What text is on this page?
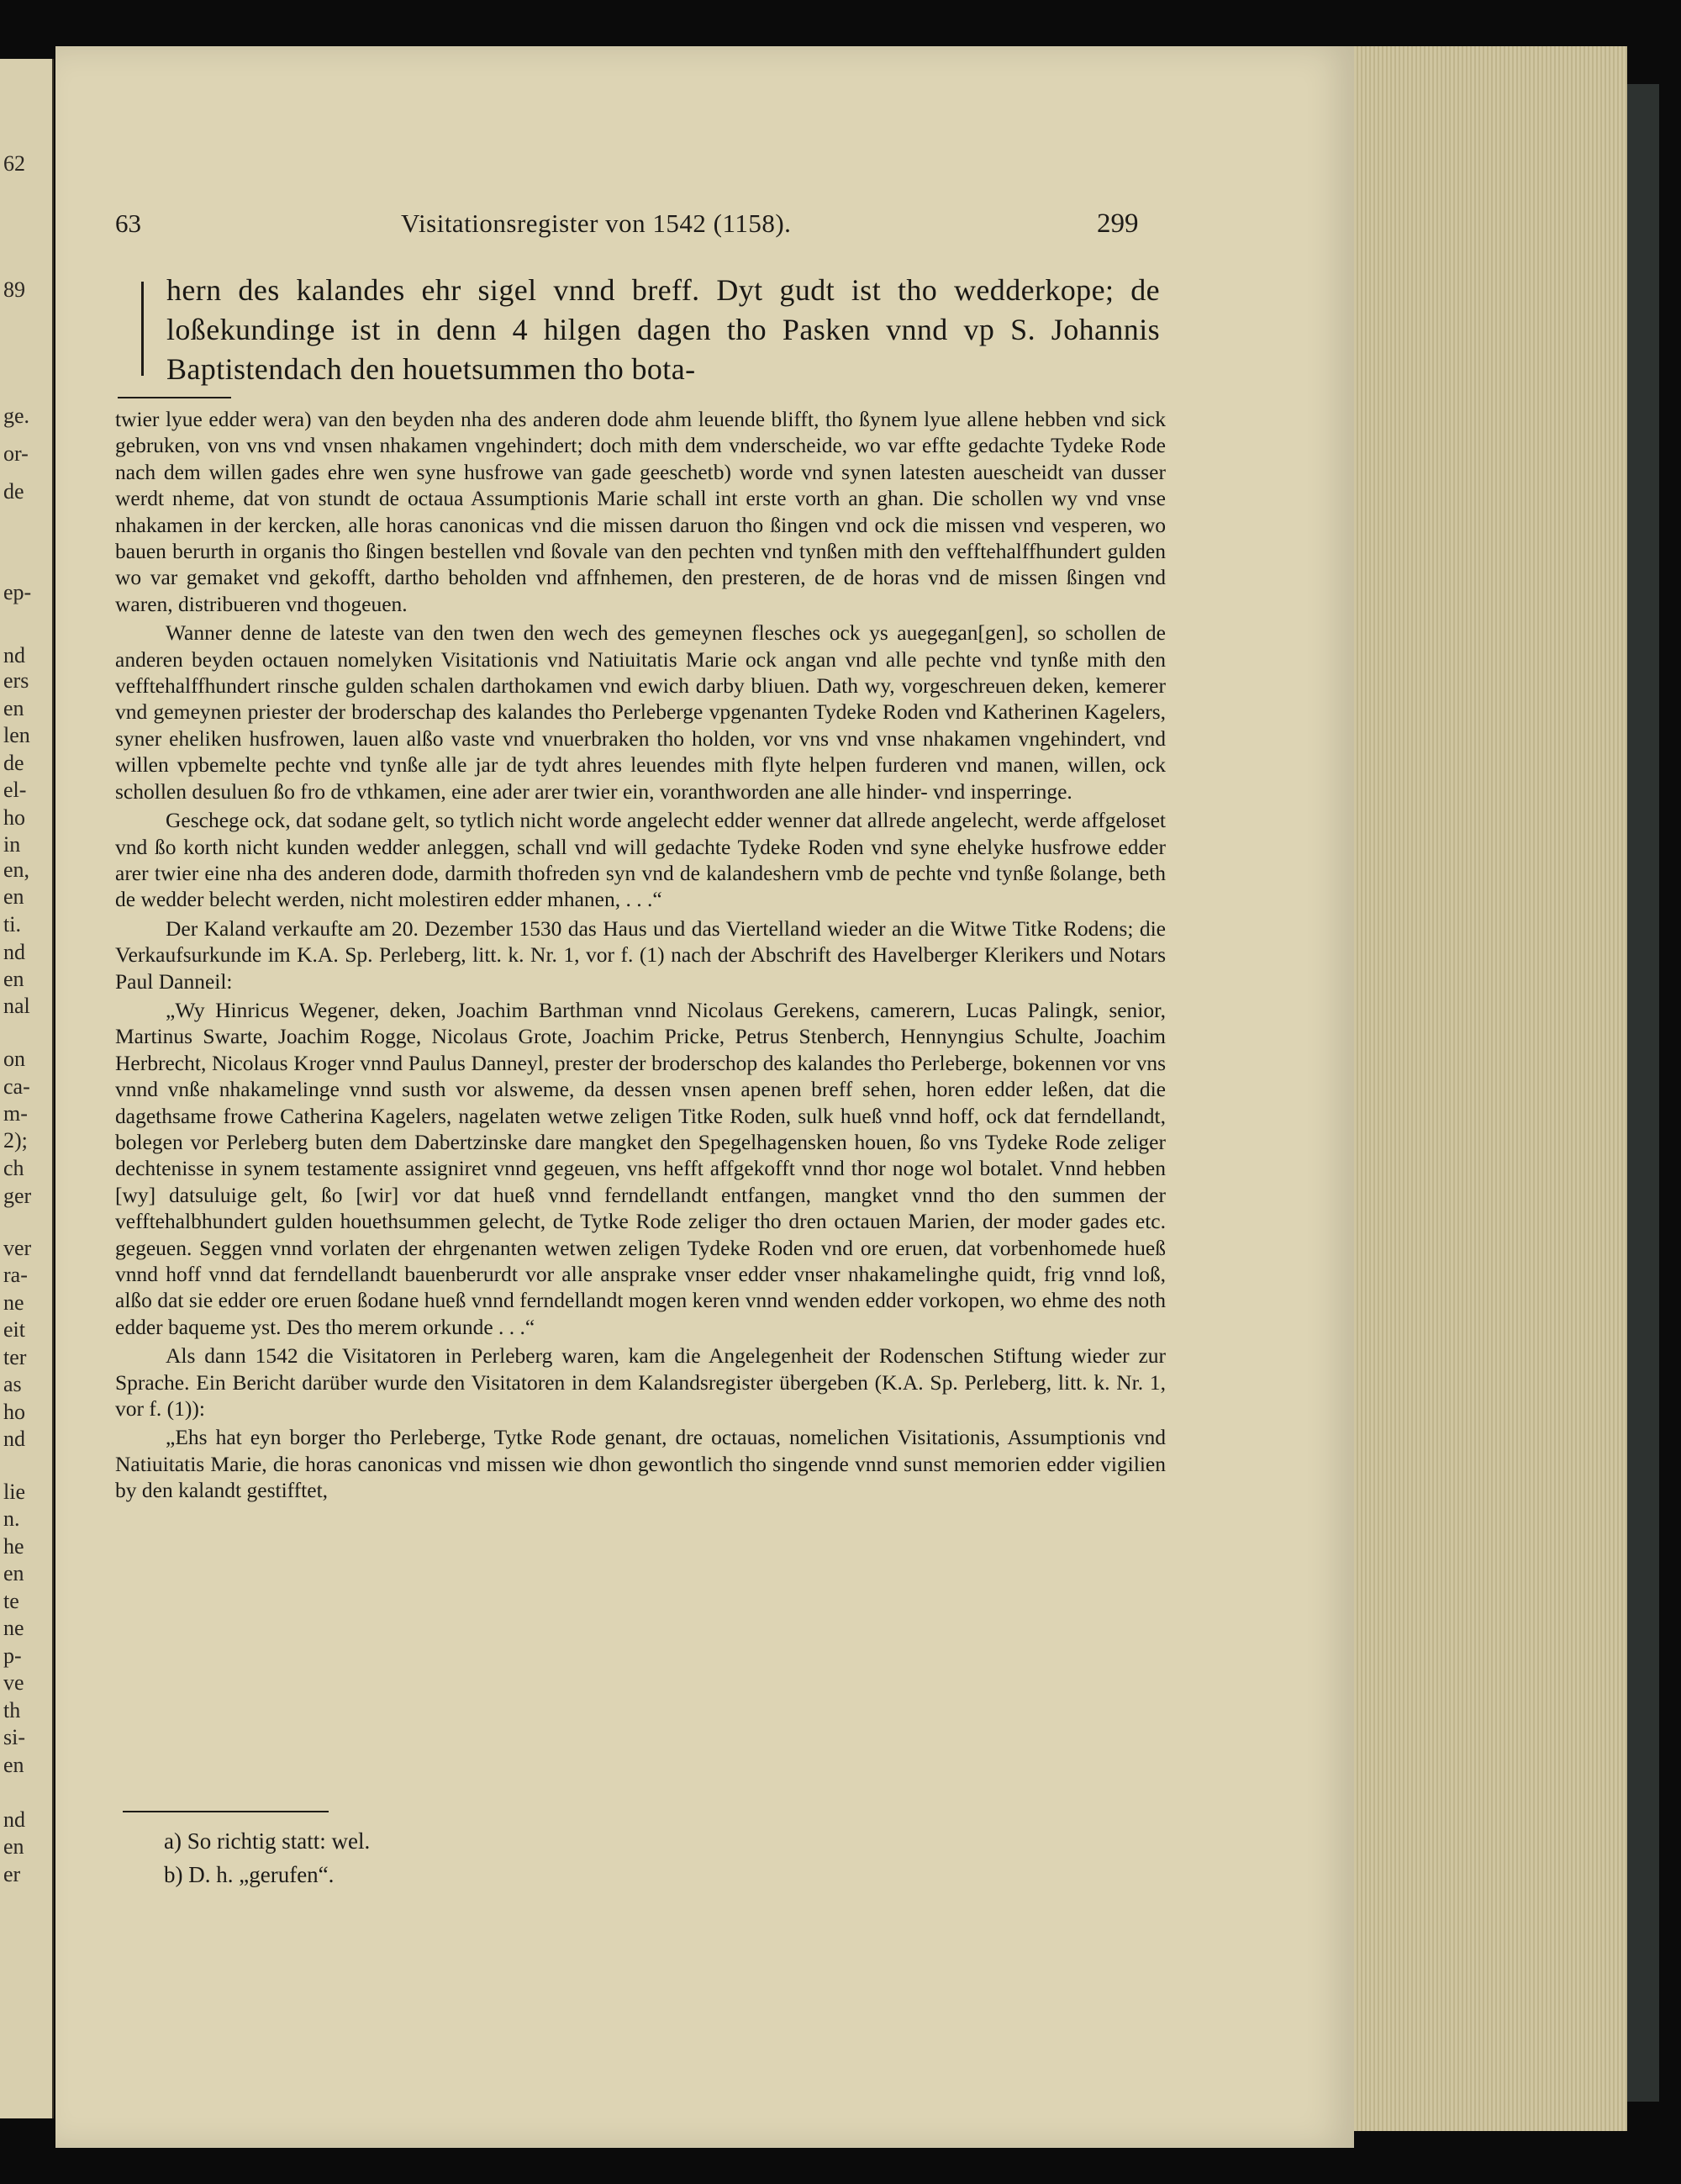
62
89
ge.
or-
de
ep-
nd
ers
en
len
de
el-
ho
in
en,
en
ti.
nd
en
nal
on
ca-
m-
2);
ch
ger
ver
ra-
ne
eit
ter
as
ho
nd
lie
n.
he
en
te
ne
p-
ve
th
si-
en
nd
en
er
63	Visitationsregister von 1542 (1158).	299
hern des kalandes ehr sigel vnnd breff. Dyt gudt ist tho wedderkope; de loßekundinge ist in denn 4 hilgen dagen tho Pasken vnnd vp S. Johannis Baptistendach den houetsummen tho bota-

twier lyue edder wera) van den beyden nha des anderen dode ahm leuende blifft, tho ßynem lyue allene hebben vnd sick gebruken, von vns vnd vnsen nhakamen vngehindert; doch mith dem vnderscheide, wo var effte gedachte Tydeke Rode nach dem willen gades ehre wen syne husfrowe van gade geeschetb) worde vnd synen latesten auescheidt van dusser werdt nheme, dat von stundt de octaua Assumptionis Marie schall int erste vorth an ghan. Die schollen wy vnd vnse nhakamen in der kercken, alle horas canonicas vnd die missen daruon tho ßingen vnd ock die missen vnd vesperen, wo bauen berurth in organis tho ßingen bestellen vnd ßovale van den pechten vnd tynßen mith den vefftehalffhundert gulden wo var gemaket vnd gekofft, dartho beholden vnd affnhemen, den presteren, de de horas vnd de missen ßingen vnd waren, distribueren vnd thogeuen.

Wanner denne de lateste van den twen den wech des gemeynen flesches ock ys auegegan[gen], so schollen de anderen beyden octauen nomelyken Visitationis vnd Natiuitatis Marie ock angan vnd alle pechte vnd tynße mith den vefftehalffhundert rinsche gulden schalen darthokamen vnd ewich darby bliuen. Dath wy, vorgeschreuen deken, kemerer vnd gemeynen priester der broderschap des kalandes tho Perleberge vpgenanten Tydeke Roden vnd Katherinen Kagelers, syner eheliken husfrowen, lauen alßo vaste vnd vnuerbraken tho holden, vor vns vnd vnse nhakamen vngehindert, vnd willen vpbemelte pechte vnd tynße alle jar de tydt ahres leuendes mith flyte helpen furderen vnd manen, willen, ock schollen desuluen ßo fro de vthkamen, eine ader arer twier ein, voranthworden ane alle hinder- vnd insperringe.

Geschege ock, dat sodane gelt, so tytlich nicht worde angelecht edder wenner dat allrede angelecht, werde affgeloset vnd ßo korth nicht kunden wedder anleggen, schall vnd will gedachte Tydeke Roden vnd syne ehelyke husfrowe edder arer twier eine nha des anderen dode, darmith thofreden syn vnd de kalandeshern vmb de pechte vnd tynße ßolange, beth de wedder belecht werden, nicht molestiren edder mhanen, . . .“

Der Kaland verkaufte am 20. Dezember 1530 das Haus und das Viertelland wieder an die Witwe Titke Rodens; die Verkaufsurkunde im K.A. Sp. Perleberg, litt. k. Nr. 1, vor f. (1) nach der Abschrift des Havelberger Klerikers und Notars Paul Danneil:

„Wy Hinricus Wegener, deken, Joachim Barthman vnnd Nicolaus Gerekens, camerern, Lucas Palingk, senior, Martinus Swarte, Joachim Rogge, Nicolaus Grote, Joachim Pricke, Petrus Stenberch, Hennyngius Schulte, Joachim Herbrecht, Nicolaus Kroger vnnd Paulus Danneyl, prester der broderschop des kalandes tho Perleberge, bokennen vor vns vnnd vnße nhakamelinge vnnd susth vor alsweme, da dessen vnsen apenen breff sehen, horen edder leßen, dat die dagethsame frowe Catherina Kagelers, nagelaten wetwe zeligen Titke Roden, sulk hueß vnnd hoff, ock dat ferndellandt, bolegen vor Perleberg buten dem Dabertzinske dare mangket den Spegelhagensken houen, ßo vns Tydeke Rode zeliger dechtenisse in synem testamente assigniret vnnd gegeuen, vns hefft affgekofft vnnd thor noge wol botalet. Vnnd hebben [wy] datsuluige gelt, ßo [wir] vor dat hueß vnnd ferndellandt entfangen, mangket vnnd tho den summen der vefftehalbhundert gulden houethsummen gelecht, de Tytke Rode zeliger tho dren octauen Marien, der moder gades etc. gegeuen. Seggen vnnd vorlaten der ehrgenanten wetwen zeligen Tydeke Roden vnd ore eruen, dat vorbenhomede hueß vnnd hoff vnnd dat ferndellandt bauenberurdt vor alle ansprake vnser edder vnser nhakamelinghe quidt, frig vnnd loß, alßo dat sie edder ore eruen ßodane hueß vnnd ferndellandt mogen keren vnnd wenden edder vorkopen, wo ehme des noth edder baqueme yst. Des tho merem orkunde . . .“

Als dann 1542 die Visitatoren in Perleberg waren, kam die Angelegenheit der Rodenschen Stiftung wieder zur Sprache. Ein Bericht darüber wurde den Visitatoren in dem Kalandsregister übergeben (K.A. Sp. Perleberg, litt. k. Nr. 1, vor f. (1)):

„Ehs hat eyn borger tho Perleberge, Tytke Rode genant, dre octauas, nomelichen Visitationis, Assumptionis vnd Natiuitatis Marie, die horas canonicas vnd missen wie dhon gewontlich tho singende vnnd sunst memorien edder vigilien by den kalandt gestifftet,

a) So richtig statt: wel.
b) D. h. „gerufen“.
